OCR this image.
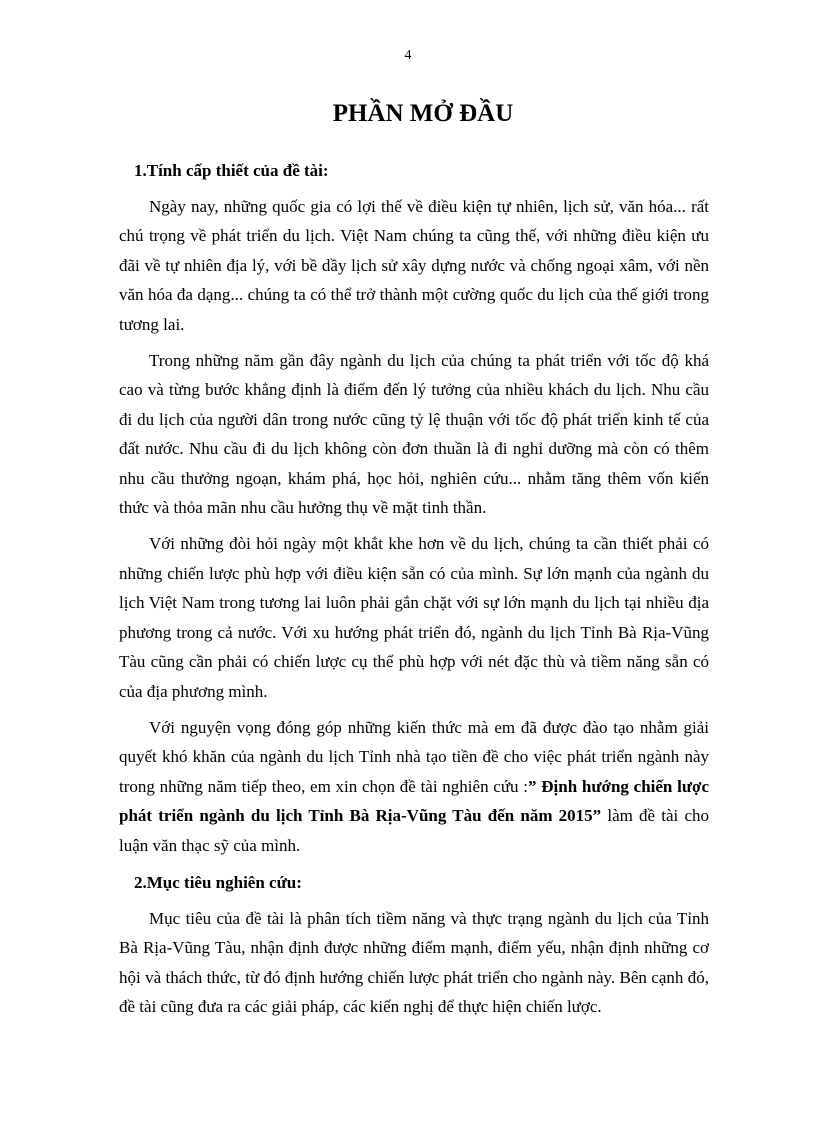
4
PHẦN MỞ ĐẦU

1.Tính cấp thiết của đề tài:

Ngày nay, những quốc gia có lợi thế về điều kiện tự nhiên, lịch sử, văn hóa... rất chú trọng về phát triển du lịch. Việt Nam chúng ta cũng thế, với những điều kiện ưu đãi về tự nhiên địa lý, với bề dầy lịch sử xây dựng nước và chống ngoại xâm, với nền văn hóa đa dạng... chúng ta có thể trở thành một cường quốc du lịch của thế giới trong tương lai.

Trong những năm gần đây ngành du lịch của chúng ta phát triển với tốc độ khá cao và từng bước khẳng định là điểm đến lý tưởng của nhiều khách du lịch. Nhu cầu đi du lịch của người dân trong nước cũng tỷ lệ thuận với tốc độ phát triển kinh tế của đất nước. Nhu cầu đi du lịch không còn đơn thuần là đi nghỉ dưỡng mà còn có thêm nhu cầu thưởng ngoạn, khám phá, học hỏi, nghiên cứu... nhằm tăng thêm vốn kiến thức và thỏa mãn nhu cầu hưởng thụ về mặt tinh thần.

Với những đòi hỏi ngày một khắt khe hơn về du lịch, chúng ta cần thiết phải có những chiến lược phù hợp với điều kiện sẵn có của mình. Sự lớn mạnh của ngành du lịch Việt Nam trong tương lai luôn phải gắn chặt với sự lớn mạnh du lịch tại nhiều địa phương trong cả nước. Với xu hướng phát triển đó, ngành du lịch Tỉnh Bà Rịa-Vũng Tàu cũng cần phải có chiến lược cụ thể phù hợp với nét đặc thù và tiềm năng sẵn có của địa phương mình.

Với nguyện vọng đóng góp những kiến thức mà em đã được đào tạo nhằm giải quyết khó khăn của ngành du lịch Tỉnh nhà tạo tiền đề cho việc phát triển ngành này trong những năm tiếp theo, em xin chọn đề tài nghiên cứu :” Định hướng chiến lược phát triển ngành du lịch Tỉnh Bà Rịa-Vũng Tàu đến năm 2015” làm đề tài cho luận văn thạc sỹ của mình.

2.Mục tiêu nghiên cứu:

Mục tiêu của đề tài là phân tích tiềm năng và thực trạng ngành du lịch của Tỉnh Bà Rịa-Vũng Tàu, nhận định được những điểm mạnh, điểm yếu, nhận định những cơ hội và thách thức, từ đó định hướng chiến lược phát triển cho ngành này. Bên cạnh đó, đề tài cũng đưa ra các giải pháp, các kiến nghị để thực hiện chiến lược.
